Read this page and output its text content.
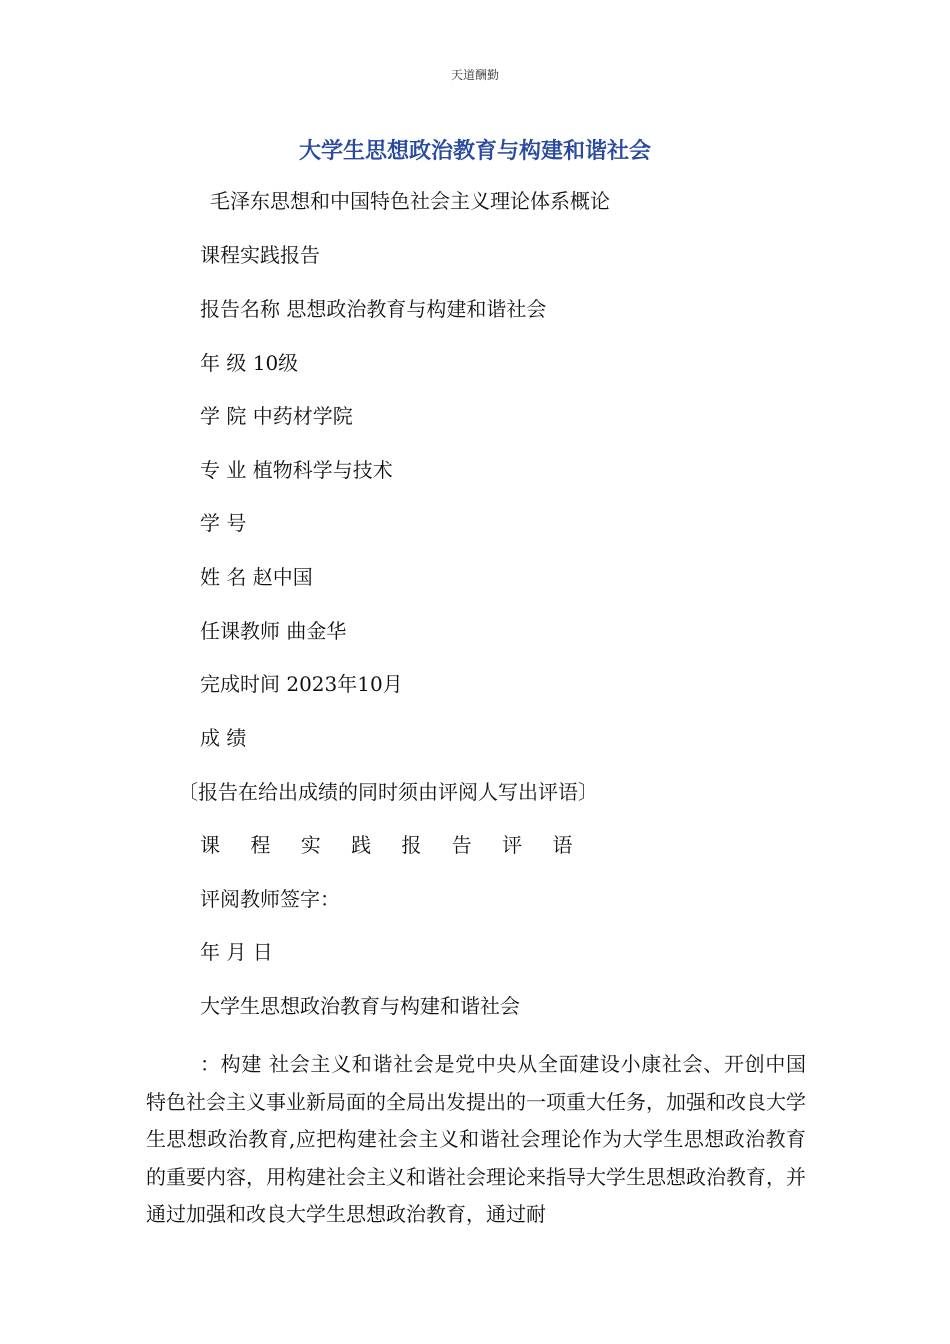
天道酬勤
大学生思想政治教育与构建和谐社会
毛泽东思想和中国特色社会主义理论体系概论
课程实践报告
报告名称 思想政治教育与构建和谐社会
年 级 10级
学 院 中药材学院
专 业 植物科学与技术
学 号
姓 名 赵中国
任课教师 曲金华
完成时间 2023年10月
成 绩
〔报告在给出成绩的同时须由评阅人写出评语〕
课 程 实 践 报 告 评 语
评阅教师签字：
年 月 日
大学生思想政治教育与构建和谐社会
：构建 社会主义和谐社会是党中央从全面建设小康社会、开创中国特色社会主义事业新局面的全局出发提出的一项重大任务，加强和改良大学生思想政治教育,应把构建社会主义和谐社会理论作为大学生思想政治教育的重要内容，用构建社会主义和谐社会理论来指导大学生思想政治教育，并通过加强和改良大学生思想政治教育，通过耐
